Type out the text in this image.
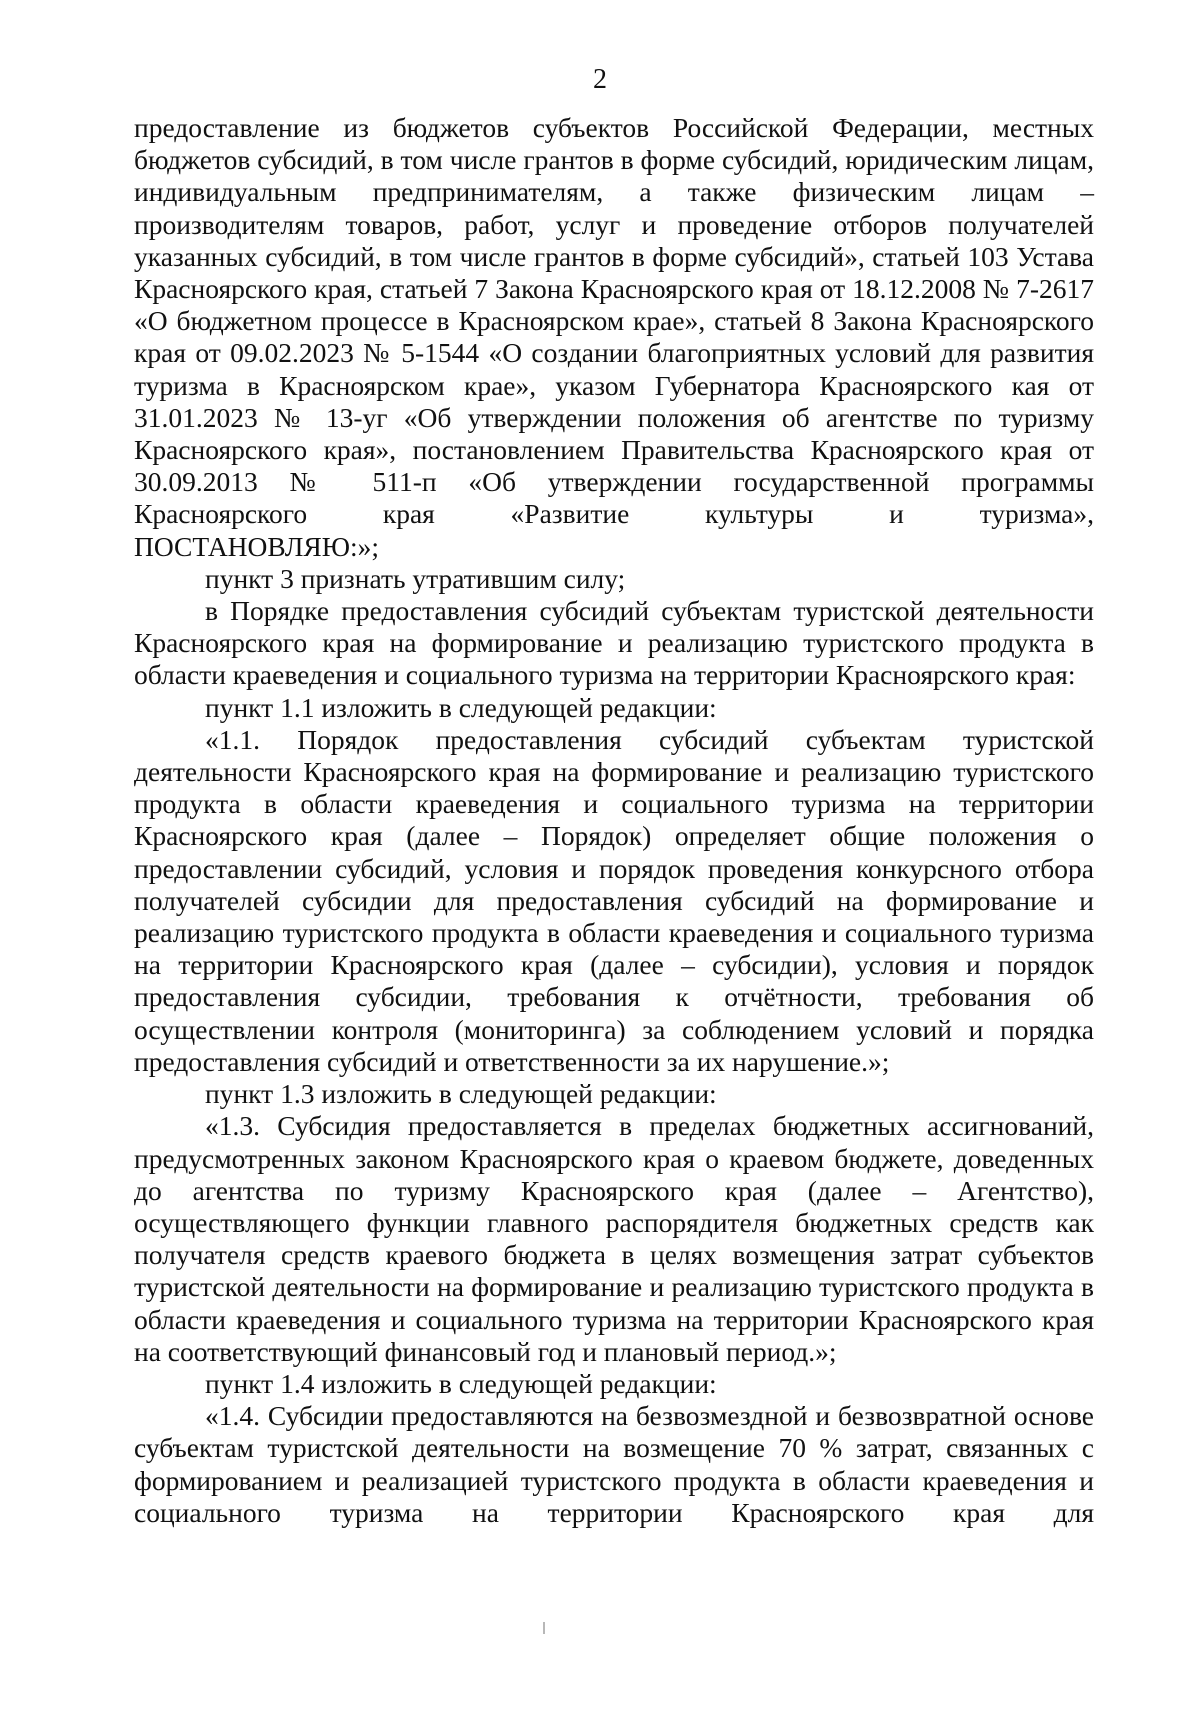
2

предоставление из бюджетов субъектов Российской Федерации, местных бюджетов субсидий, в том числе грантов в форме субсидий, юридическим лицам, индивидуальным предпринимателям, а также физическим лицам – производителям товаров, работ, услуг и проведение отборов получателей указанных субсидий, в том числе грантов в форме субсидий», статьей 103 Устава Красноярского края, статьей 7 Закона Красноярского края от 18.12.2008 № 7-2617 «О бюджетном процессе в Красноярском крае», статьей 8 Закона Красноярского края от 09.02.2023 № 5-1544 «О создании благоприятных условий для развития туризма в Красноярском крае», указом Губернатора Красноярского кая от 31.01.2023 № 13-уг «Об утверждении положения об агентстве по туризму Красноярского края», постановлением Правительства Красноярского края от 30.09.2013 № 511-п «Об утверждении государственной программы Красноярского края «Развитие культуры и туризма»,

ПОСТАНОВЛЯЮ:»;

пункт 3 признать утратившим силу;

в Порядке предоставления субсидий субъектам туристской деятельности Красноярского края на формирование и реализацию туристского продукта в области краеведения и социального туризма на территории Красноярского края:

пункт 1.1 изложить в следующей редакции:

«1.1. Порядок предоставления субсидий субъектам туристской деятельности Красноярского края на формирование и реализацию туристского продукта в области краеведения и социального туризма на территории Красноярского края (далее – Порядок) определяет общие положения о предоставлении субсидий, условия и порядок проведения конкурсного отбора получателей субсидии для предоставления субсидий на формирование и реализацию туристского продукта в области краеведения и социального туризма на территории Красноярского края (далее – субсидии), условия и порядок предоставления субсидии, требования к отчётности, требования об осуществлении контроля (мониторинга) за соблюдением условий и порядка предоставления субсидий и ответственности за их нарушение.»;

пункт 1.3 изложить в следующей редакции:

«1.3. Субсидия предоставляется в пределах бюджетных ассигнований, предусмотренных законом Красноярского края о краевом бюджете, доведенных до агентства по туризму Красноярского края (далее – Агентство), осуществляющего функции главного распорядителя бюджетных средств как получателя средств краевого бюджета в целях возмещения затрат субъектов туристской деятельности на формирование и реализацию туристского продукта в области краеведения и социального туризма на территории Красноярского края на соответствующий финансовый год и плановый период.»;

пункт 1.4 изложить в следующей редакции:

«1.4. Субсидии предоставляются на безвозмездной и безвозвратной основе субъектам туристской деятельности на возмещение 70 % затрат, связанных с формированием и реализацией туристского продукта в области краеведения и социального туризма на территории Красноярского края для
